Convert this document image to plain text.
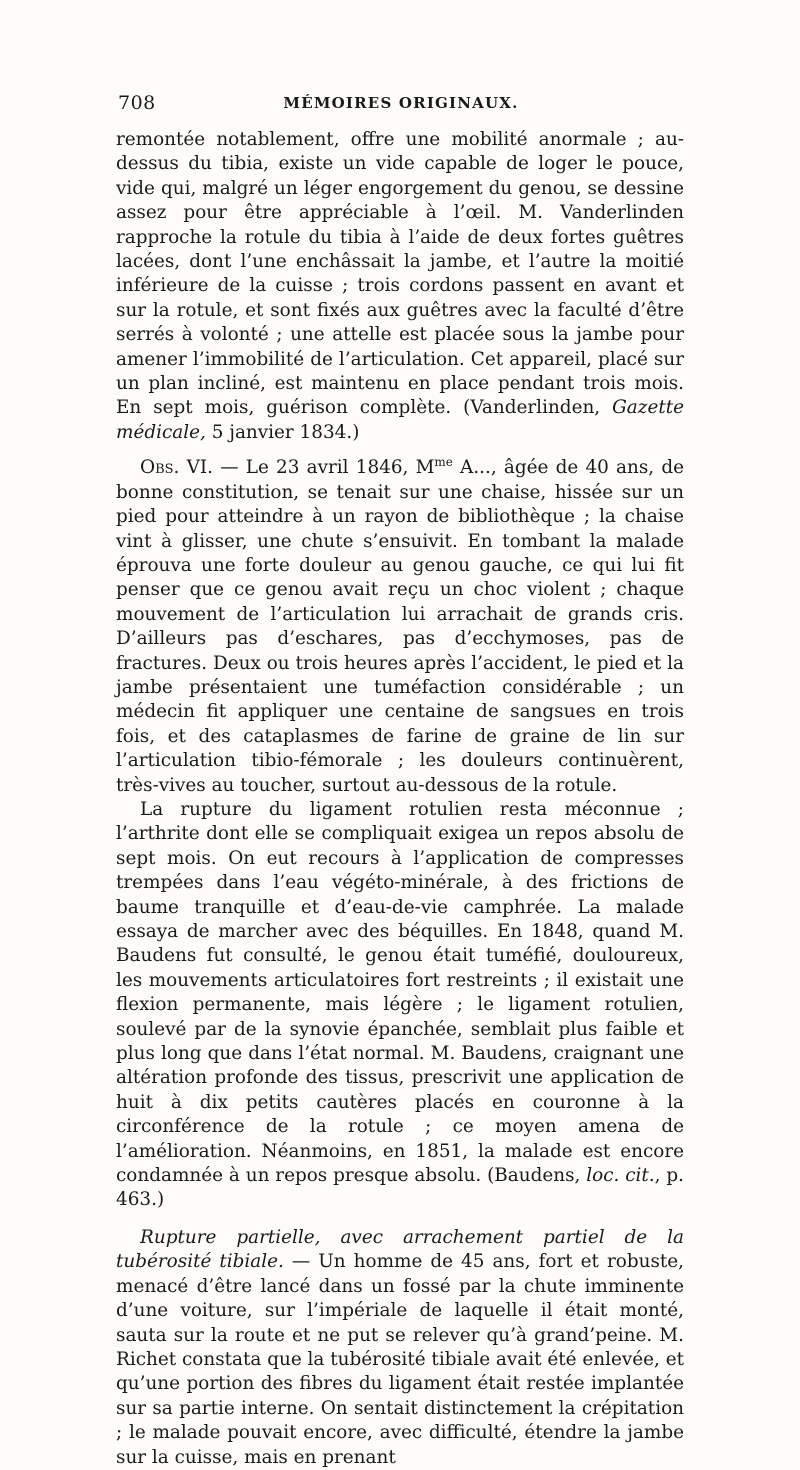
708	MÉMOIRES ORIGINAUX.

remontée notablement, offre une mobilité anormale ; au-dessus du tibia, existe un vide capable de loger le pouce, vide qui, malgré un léger engorgement du genou, se dessine assez pour être appréciable à l’œil. M. Vanderlinden rapproche la rotule du tibia à l’aide de deux fortes guêtres lacées, dont l’une enchâssait la jambe, et l’autre la moitié inférieure de la cuisse ; trois cordons passent en avant et sur la rotule, et sont fixés aux guêtres avec la faculté d’être serrés à volonté ; une attelle est placée sous la jambe pour amener l’immobilité de l’articulation. Cet appareil, placé sur un plan incliné, est maintenu en place pendant trois mois. En sept mois, guérison complète. (Vanderlinden, Gazette médicale, 5 janvier 1834.)

Obs. VI. — Le 23 avril 1846, $M^{me}$ A..., âgée de 40 ans, de bonne constitution, se tenait sur une chaise, hissée sur un pied pour atteindre à un rayon de bibliothèque ; la chaise vint à glisser, une chute s’ensuivit. En tombant la malade éprouva une forte douleur au genou gauche, ce qui lui fit penser que ce genou avait reçu un choc violent ; chaque mouvement de l’articulation lui arrachait de grands cris. D’ailleurs pas d’eschares, pas d’ecchymoses, pas de fractures. Deux ou trois heures après l’accident, le pied et la jambe présentaient une tuméfaction considérable ; un médecin fit appliquer une centaine de sangsues en trois fois, et des cataplasmes de farine de graine de lin sur l’articulation tibio-fémorale ; les douleurs continuèrent, très-vives au toucher, surtout au-dessous de la rotule.

La rupture du ligament rotulien resta méconnue ; l’arthrite dont elle se compliquait exigea un repos absolu de sept mois. On eut recours à l’application de compresses trempées dans l’eau végéto-minérale, à des frictions de baume tranquille et d’eau-de-vie camphrée. La malade essaya de marcher avec des béquilles. En 1848, quand M. Baudens fut consulté, le genou était tuméfié, douloureux, les mouvements articulatoires fort restreints ; il existait une flexion permanente, mais légère ; le ligament rotulien, soulevé par de la synovie épanchée, semblait plus faible et plus long que dans l’état normal. M. Baudens, craignant une altération profonde des tissus, prescrivit une application de huit à dix petits cautères placés en couronne à la circonférence de la rotule ; ce moyen amena de l’amélioration. Néanmoins, en 1851, la malade est encore condamnée à un repos presque absolu. (Baudens, loc. cit., p. 463.)

Rupture partielle, avec arrachement partiel de la tubérosité tibiale. — Un homme de 45 ans, fort et robuste, menacé d’être lancé dans un fossé par la chute imminente d’une voiture, sur l’impériale de laquelle il était monté, sauta sur la route et ne put se relever qu’à grand’peine. M. Richet constata que la tubérosité tibiale avait été enlevée, et qu’une portion des fibres du ligament était restée implantée sur sa partie interne. On sentait distinctement la crépitation ; le malade pouvait encore, avec difficulté, étendre la jambe sur la cuisse, mais en prenant
